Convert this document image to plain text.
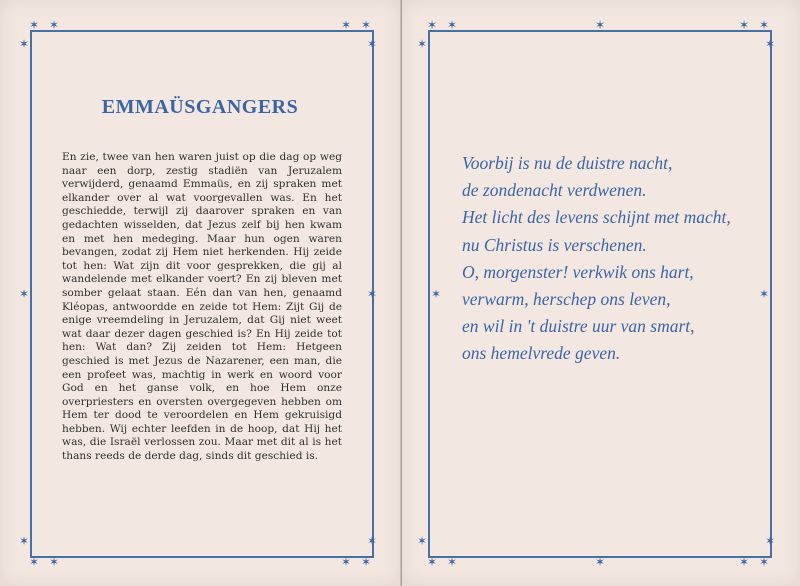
✶ ✶	✶ ✶
✶	✶
✶	✶
✶	✶
✶ ✶	✶ ✶
EMMAÜSGANGERS
En zie, twee van hen waren juist op die dag op weg naar een dorp, zestig stadiën van Jeruzalem verwijderd, genaamd Emmaüs, en zij spraken met elkander over al wat voorgevallen was. En het geschiedde, terwijl zij daarover spraken en van gedachten wisselden, dat Jezus zelf bij hen kwam en met hen medeging. Maar hun ogen waren bevangen, zodat zij Hem niet herkenden. Hij zeide tot hen: Wat zijn dit voor gesprekken, die gij al wandelende met elkander voert? En zij bleven met somber gelaat staan. Eén dan van hen, genaamd Kléopas, antwoordde en zeide tot Hem: Zijt Gij de enige vreemdeling in Jeruzalem, dat Gij niet weet wat daar dezer dagen geschied is? En Hij zeide tot hen: Wat dan? Zij zeiden tot Hem: Hetgeen geschied is met Jezus de Nazarener, een man, die een profeet was, machtig in werk en woord voor God en het ganse volk, en hoe Hem onze overpriesters en oversten overgegeven hebben om Hem ter dood te veroordelen en Hem gekruisigd hebben. Wij echter leefden in de hoop, dat Hij het was, die Israël verlossen zou. Maar met dit al is het thans reeds de derde dag, sinds dit geschied is.
✶ ✶	✶	✶ ✶
✶	✶
✶	✶
✶	✶
✶ ✶	✶	✶ ✶
Voorbij is nu de duistre nacht,
de zondenacht verdwenen.
Het licht des levens schijnt met macht,
nu Christus is verschenen.
O, morgenster! verkwik ons hart,
verwarm, herschep ons leven,
en wil in 't duistre uur van smart,
ons hemelvrede geven.
